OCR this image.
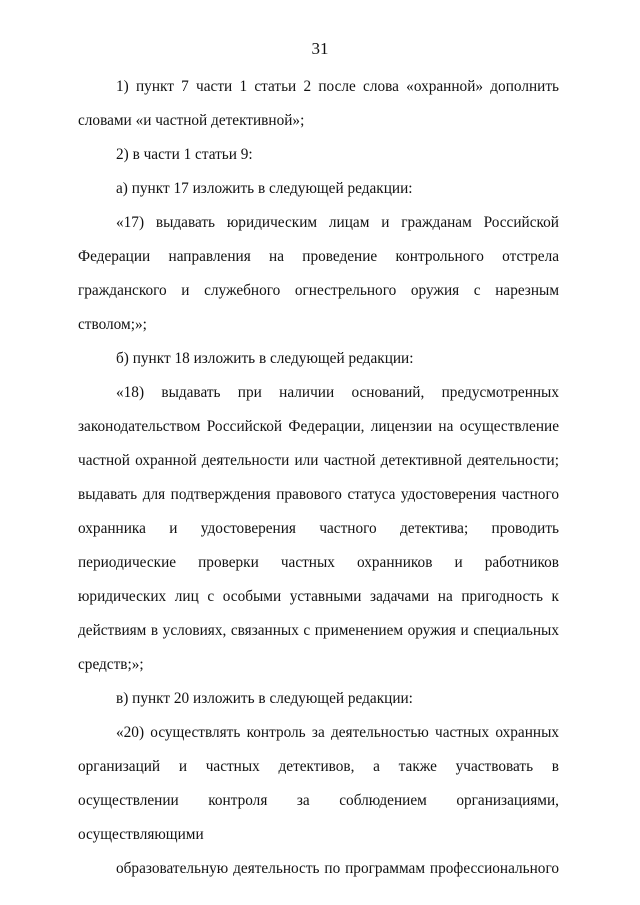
31

1) пункт 7 части 1 статьи 2 после слова «охранной» дополнить словами «и частной детективной»;

2) в части 1 статьи 9:

а) пункт 17 изложить в следующей редакции:

«17) выдавать юридическим лицам и гражданам Российской Федерации направления на проведение контрольного отстрела гражданского и служебного огнестрельного оружия с нарезным стволом;»;

б) пункт 18 изложить в следующей редакции:

«18) выдавать при наличии оснований, предусмотренных законодательством Российской Федерации, лицензии на осуществление частной охранной деятельности или частной детективной деятельности; выдавать для подтверждения правового статуса удостоверения частного охранника и удостоверения частного детектива; проводить периодические проверки частных охранников и работников юридических лиц с особыми уставными задачами на пригодность к действиям в условиях, связанных с применением оружия и специальных средств;»;

в) пункт 20 изложить в следующей редакции:

«20) осуществлять контроль за деятельностью частных охранных организаций и частных детективов, а также участвовать в осуществлении контроля за соблюдением организациями, осуществляющими
образовательную деятельность по программам профессионального
